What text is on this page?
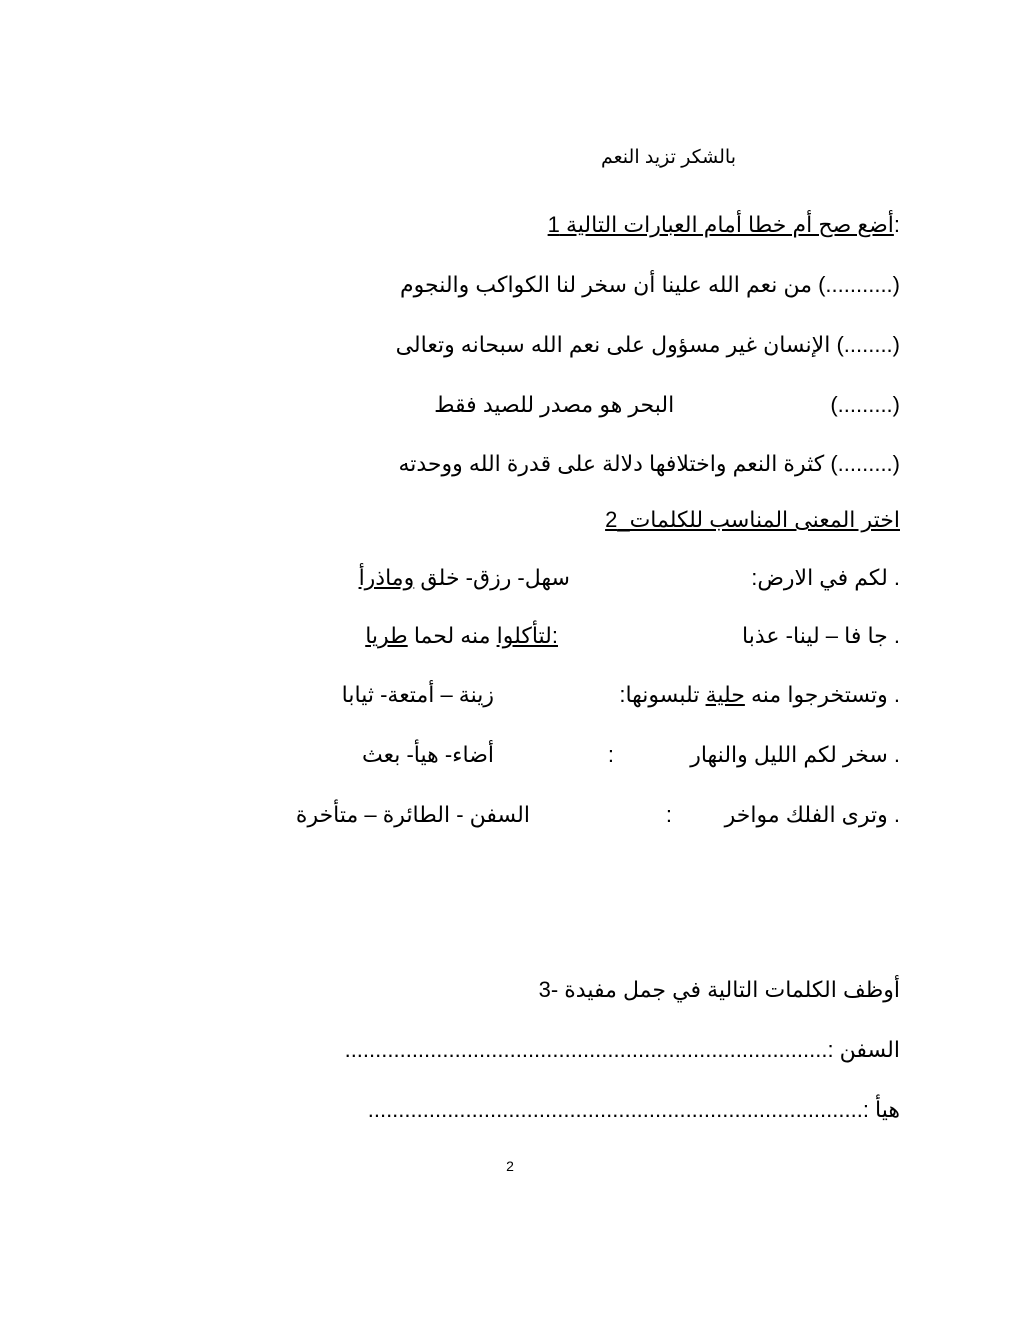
بالشكر تزيد النعم
:أضع صح أم خطا أمام العبارات التالية 1
(...........) من نعم الله علينا أن سخر لنا الكواكب والنجوم
(........) الإنسان غير مسؤول على نعم الله سبحانه وتعالى
(.........) البحر هو مصدر للصيد فقط
(.........) كثرة النعم واختلافها دلالة على قدرة الله ووحدته
اختر المعنى المناسب للكلمات_2
. لكم في الارض:
سهل- رزق- خلق وماذرأ
. جا فا – لينا- عذبا
:لتأكلوا منه لحما طريا
. وتستخرجوا منه حلية تلبسونها:
زينة – أمتعة- ثيابا
. سخر لكم الليل والنهار
:
أضاء- هيأ- بعث
. وترى الفلك مواخر
:
السفن - الطائرة – متأخرة
أوظف الكلمات التالية في جمل مفيدة -3
السفن :...............................................................................
هيأ :.................................................................................
2
